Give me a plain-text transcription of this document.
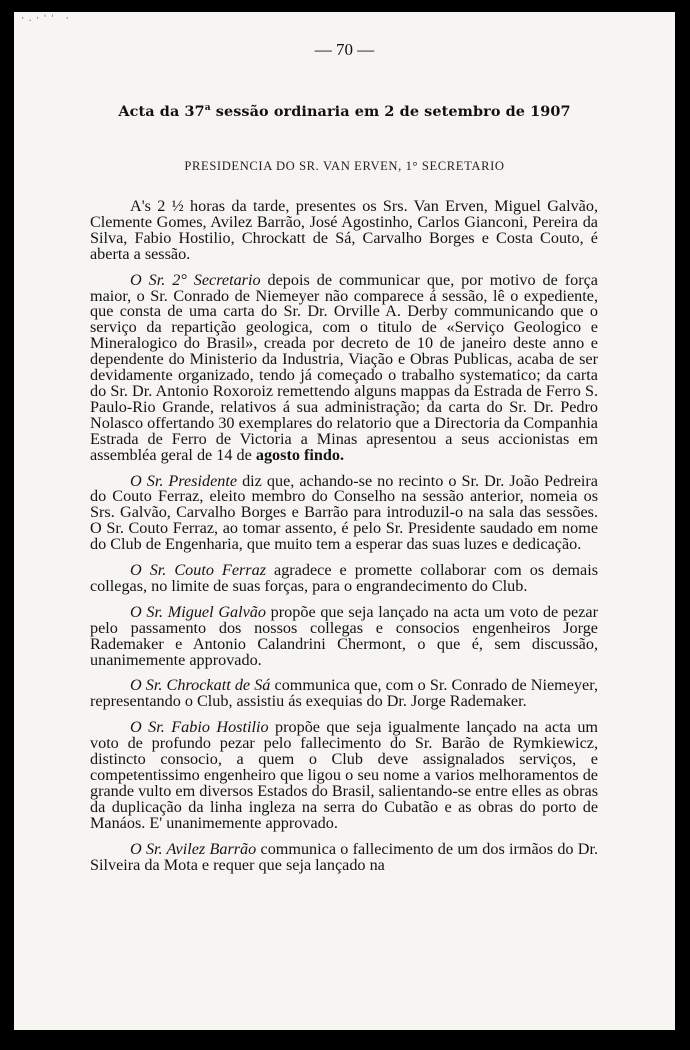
·.·'' ·
— 70 —
Acta da 37$^a$ sessão ordinaria em 2 de setembro de 1907
PRESIDENCIA DO SR. VAN ERVEN, 1° SECRETARIO

A's 2 ½ horas da tarde, presentes os Srs. Van Erven, Miguel Galvão, Clemente Gomes, Avilez Barrão, José Agostinho, Carlos Gianconi, Pereira da Silva, Fabio Hostilio, Chrockatt de Sá, Carvalho Borges e Costa Couto, é aberta a sessão.

O Sr. 2° Secretario depois de communicar que, por motivo de força maior, o Sr. Conrado de Niemeyer não comparece á sessão, lê o expediente, que consta de uma carta do Sr. Dr. Orville A. Derby communicando que o serviço da repartição geologica, com o titulo de «Serviço Geologico e Mineralogico do Brasil», creada por decreto de 10 de janeiro deste anno e dependente do Ministerio da Industria, Viação e Obras Publicas, acaba de ser devidamente organizado, tendo já começado o trabalho systematico; da carta do Sr. Dr. Antonio Roxoroiz remettendo alguns mappas da Estrada de Ferro S. Paulo-Rio Grande, relativos á sua administração; da carta do Sr. Dr. Pedro Nolasco offertando 30 exemplares do relatorio que a Directoria da Companhia Estrada de Ferro de Victoria a Minas apresentou a seus accionistas em assembléa geral de 14 de agosto findo.

O Sr. Presidente diz que, achando-se no recinto o Sr. Dr. João Pedreira do Couto Ferraz, eleito membro do Conselho na sessão anterior, nomeia os Srs. Galvão, Carvalho Borges e Barrão para introduzil-o na sala das sessões. O Sr. Couto Ferraz, ao tomar assento, é pelo Sr. Presidente saudado em nome do Club de Engenharia, que muito tem a esperar das suas luzes e dedicação.

O Sr. Couto Ferraz agradece e promette collaborar com os demais collegas, no limite de suas forças, para o engrandecimento do Club.

O Sr. Miguel Galvão propõe que seja lançado na acta um voto de pezar pelo passamento dos nossos collegas e consocios engenheiros Jorge Rademaker e Antonio Calandrini Chermont, o que é, sem discussão, unanimemente approvado.

O Sr. Chrockatt de Sá communica que, com o Sr. Conrado de Niemeyer, representando o Club, assistiu ás exequias do Dr. Jorge Rademaker.

O Sr. Fabio Hostilio propõe que seja igualmente lançado na acta um voto de profundo pezar pelo fallecimento do Sr. Barão de Rymkiewicz, distincto consocio, a quem o Club deve assignalados serviços, e competentissimo engenheiro que ligou o seu nome a varios melhoramentos de grande vulto em diversos Estados do Brasil, salientando-se entre elles as obras da duplicação da linha ingleza na serra do Cubatão e as obras do porto de Manáos. E' unanimemente approvado.

O Sr. Avilez Barrão communica o fallecimento de um dos irmãos do Dr. Silveira da Mota e requer que seja lançado na
